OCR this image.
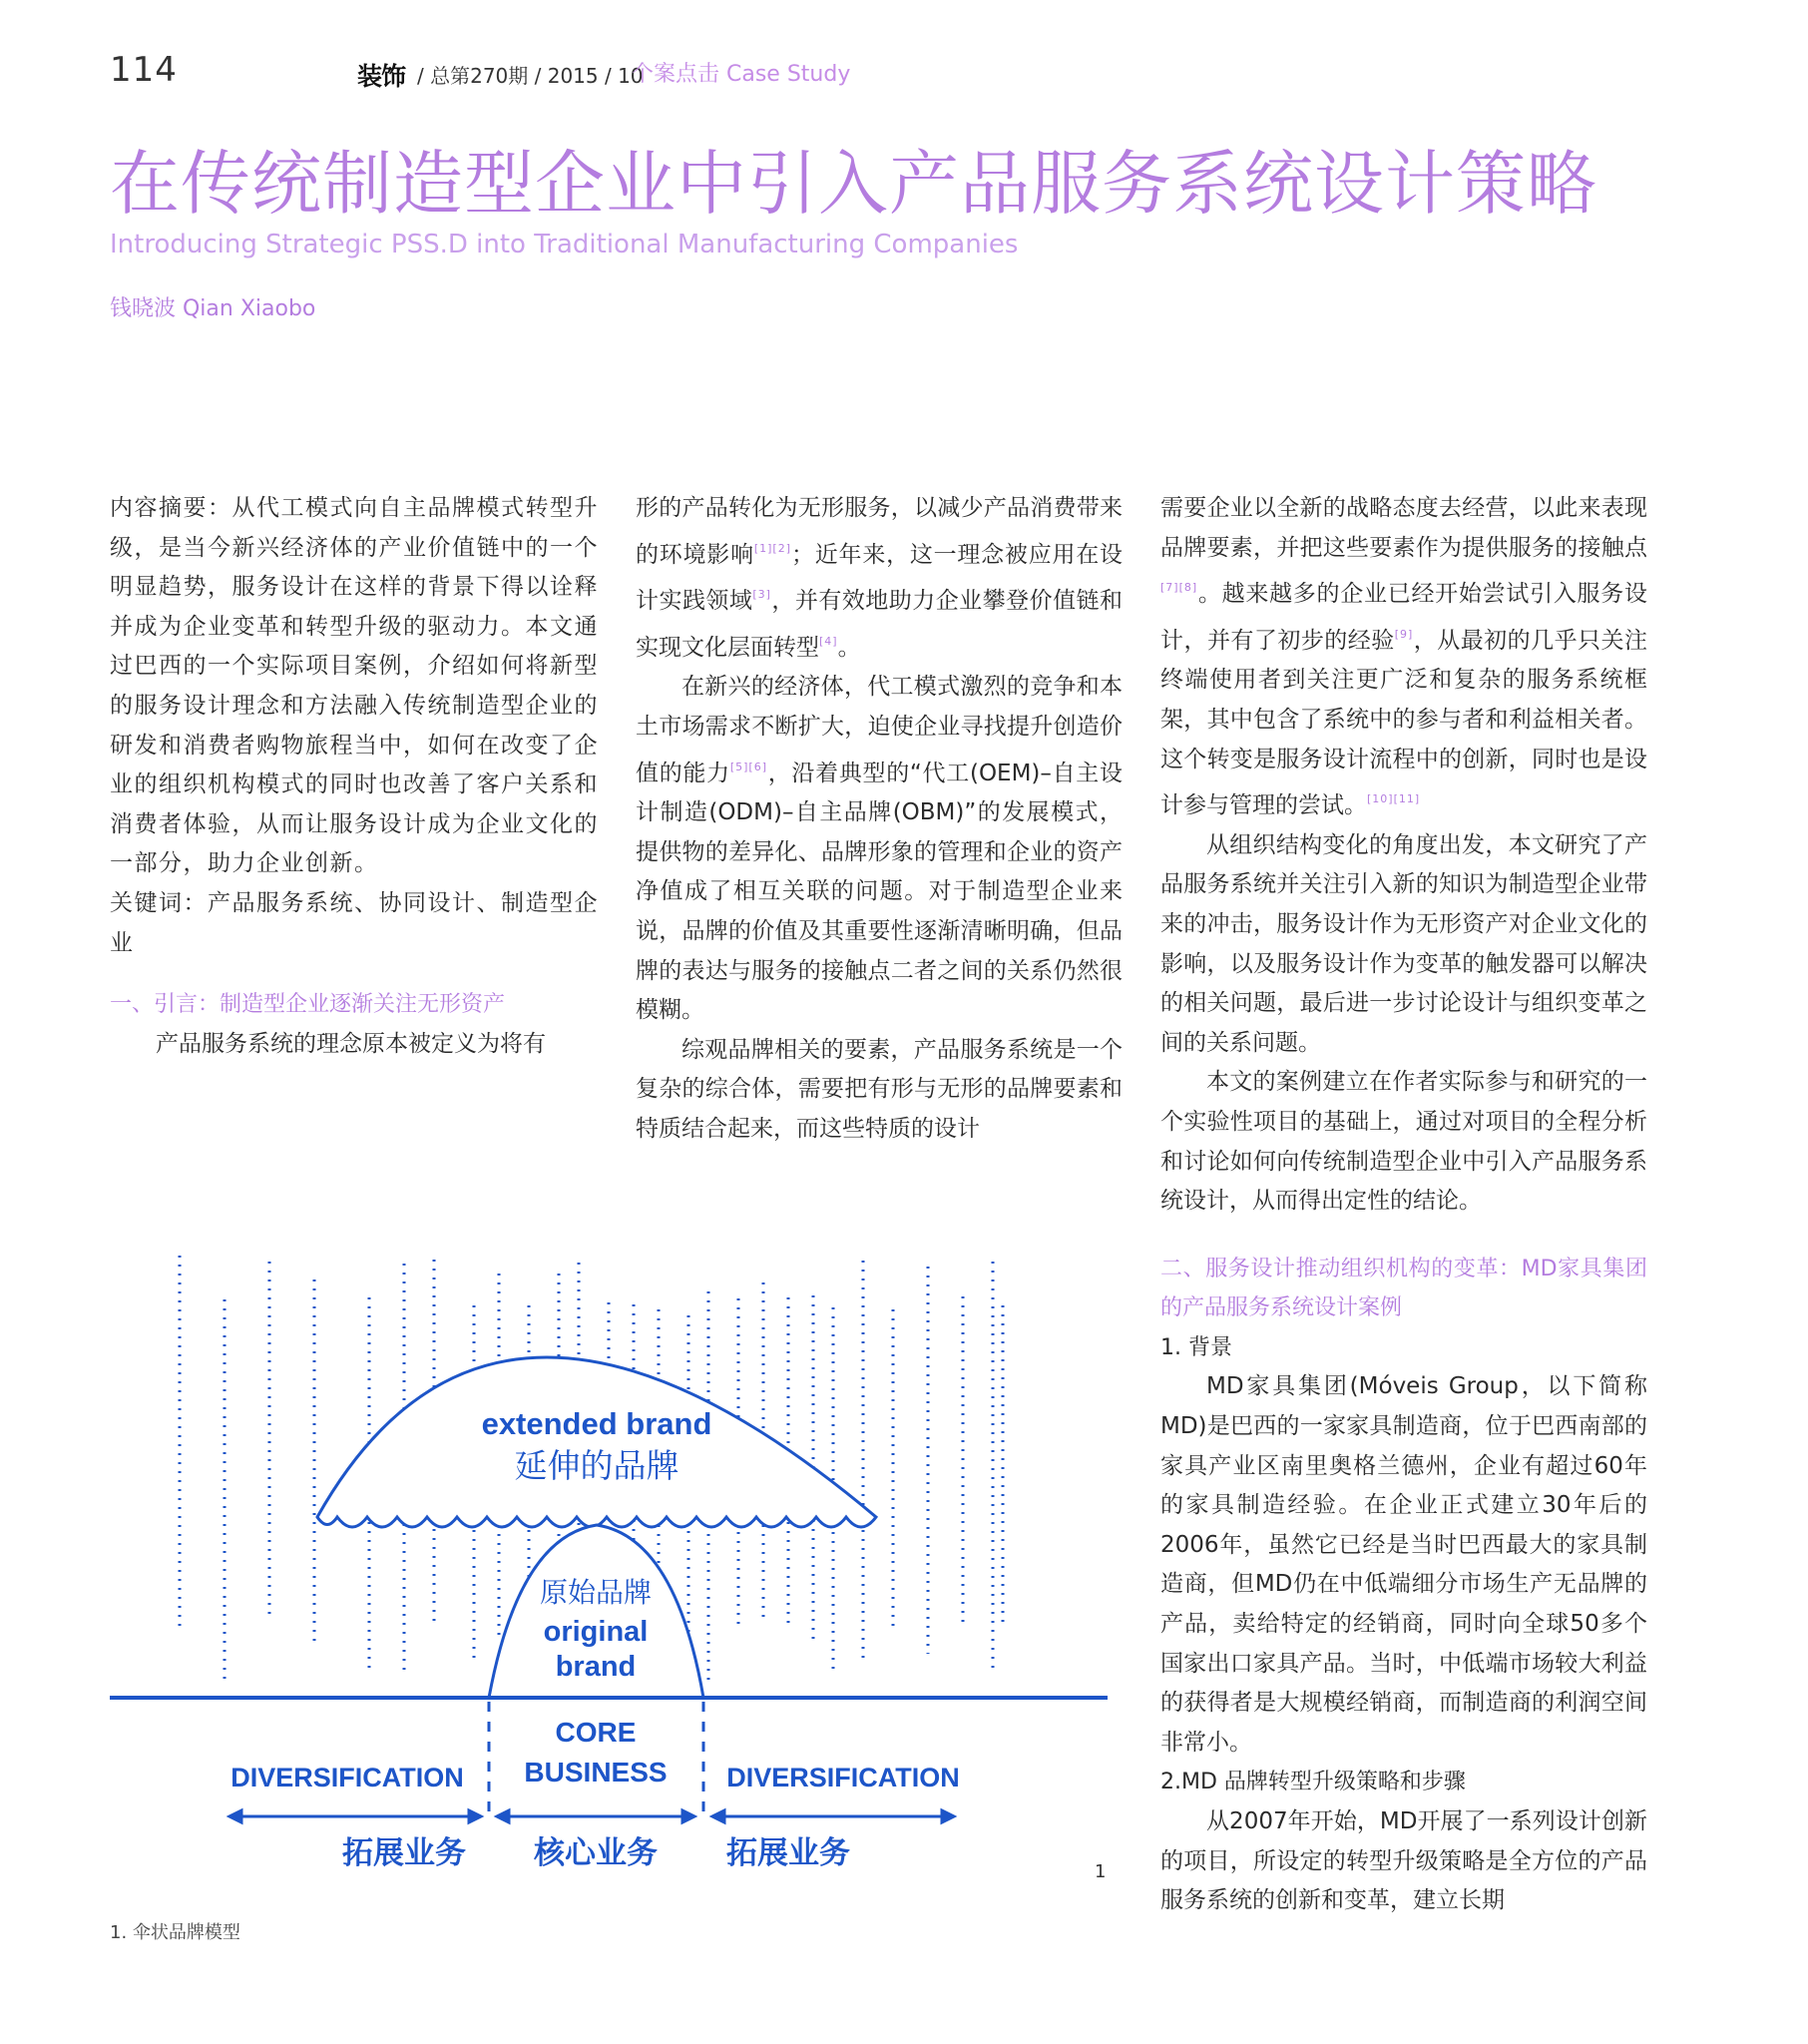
114	装饰 / 总第270期 / 2015 / 10
个案点击 Case Study
在传统制造型企业中引入产品服务系统设计策略
Introducing Strategic PSS.D into Traditional Manufacturing Companies
钱晓波 Qian Xiaobo

内容摘要：从代工模式向自主品牌模式转型升级，是当今新兴经济体的产业价值链中的一个明显趋势，服务设计在这样的背景下得以诠释并成为企业变革和转型升级的驱动力。本文通过巴西的一个实际项目案例，介绍如何将新型的服务设计理念和方法融入传统制造型企业的研发和消费者购物旅程当中，如何在改变了企业的组织机构模式的同时也改善了客户关系和消费者体验，从而让服务设计成为企业文化的一部分，助力企业创新。

关键词：产品服务系统、协同设计、制造型企业

一、引言：制造型企业逐渐关注无形资产

产品服务系统的理念原本被定义为将有

形的产品转化为无形服务，以减少产品消费带来的环境影响[1][2]；近年来，这一理念被应用在设计实践领域[3]，并有效地助力企业攀登价值链和实现文化层面转型[4]。

在新兴的经济体，代工模式激烈的竞争和本土市场需求不断扩大，迫使企业寻找提升创造价值的能力[5][6]，沿着典型的“代工(OEM)–自主设计制造(ODM)–自主品牌(OBM)”的发展模式，提供物的差异化、品牌形象的管理和企业的资产净值成了相互关联的问题。对于制造型企业来说，品牌的价值及其重要性逐渐清晰明确，但品牌的表达与服务的接触点二者之间的关系仍然很模糊。

综观品牌相关的要素，产品服务系统是一个复杂的综合体，需要把有形与无形的品牌要素和特质结合起来，而这些特质的设计

需要企业以全新的战略态度去经营，以此来表现品牌要素，并把这些要素作为提供服务的接触点[7][8]。越来越多的企业已经开始尝试引入服务设计，并有了初步的经验[9]，从最初的几乎只关注终端使用者到关注更广泛和复杂的服务系统框架，其中包含了系统中的参与者和利益相关者。这个转变是服务设计流程中的创新，同时也是设计参与管理的尝试。[10][11]

从组织结构变化的角度出发，本文研究了产品服务系统并关注引入新的知识为制造型企业带来的冲击，服务设计作为无形资产对企业文化的影响，以及服务设计作为变革的触发器可以解决的相关问题，最后进一步讨论设计与组织变革之间的关系问题。

本文的案例建立在作者实际参与和研究的一个实验性项目的基础上，通过对项目的全程分析和讨论如何向传统制造型企业中引入产品服务系统设计，从而得出定性的结论。

二、服务设计推动组织机构的变革：MD家具集团的产品服务系统设计案例

1. 背景

MD家具集团(Móveis Group，以下简称MD)是巴西的一家家具制造商，位于巴西南部的家具产业区南里奥格兰德州，企业有超过60年的家具制造经验。在企业正式建立30年后的2006年，虽然它已经是当时巴西最大的家具制造商，但MD仍在中低端细分市场生产无品牌的产品，卖给特定的经销商，同时向全球50多个国家出口家具产品。当时，中低端市场较大利益的获得者是大规模经销商，而制造商的利润空间非常小。

2.MD 品牌转型升级策略和步骤

从2007年开始，MD开展了一系列设计创新的项目，所设定的转型升级策略是全方位的产品服务系统的创新和变革，建立长期

extended brand
延伸的品牌
原始品牌
original
brand
CORE
BUSINESS
DIVERSIFICATION	DIVERSIFICATION
拓展业务 核心业务 拓展业务
1
1. 伞状品牌模型
